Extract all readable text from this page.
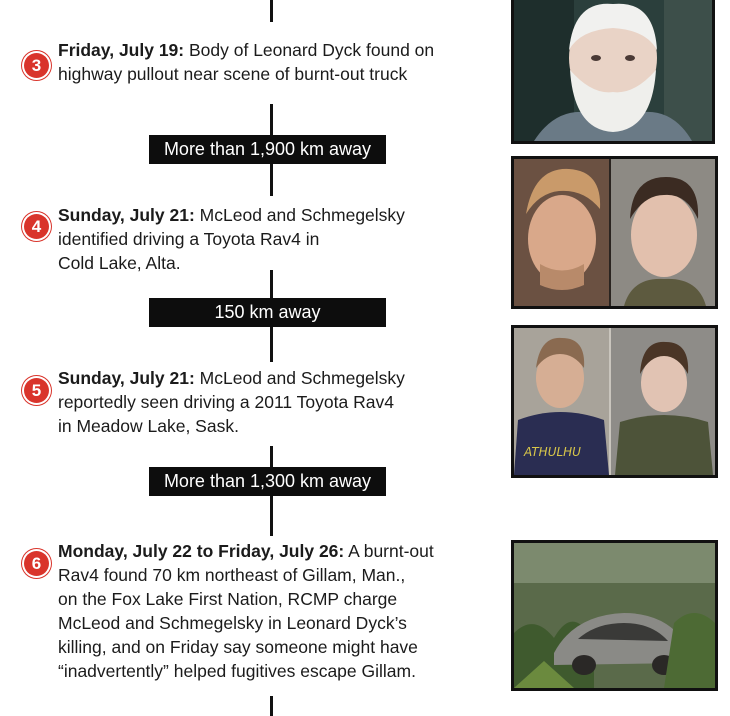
More than 1,900 km away
150 km away
More than 1,300 km away
3
Friday, July 19: Body of Leonard Dyck found on
highway pullout near scene of burnt-out truck
4
Sunday, July 21: McLeod and Schmegelsky
identified driving a Toyota Rav4 in
Cold Lake, Alta.
5
Sunday, July 21: McLeod and Schmegelsky
reportedly seen driving a 2011 Toyota Rav4
in Meadow Lake, Sask.
ATHULHU
6
Monday, July 22 to Friday, July 26: A burnt-out
Rav4 found 70 km northeast of Gillam, Man.,
on the Fox Lake First Nation, RCMP charge
McLeod and Schmegelsky in Leonard Dyck’s
killing, and on Friday say someone might have
“inadvertently” helped fugitives escape Gillam.
